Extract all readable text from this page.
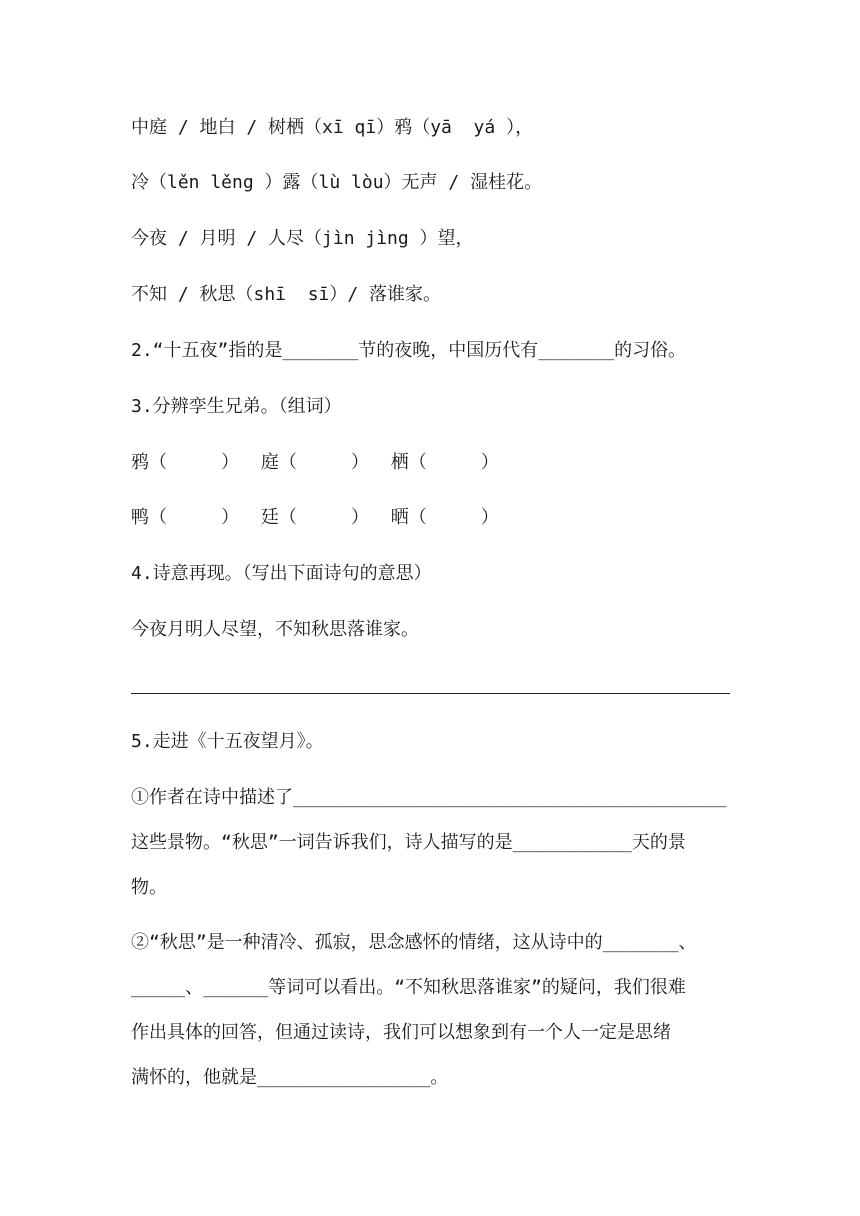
中庭 / 地白 / 树栖（xī qī）鸦（yā  yá ），
冷（lěn lěng ）露（lù lòu）无声 / 湿桂花。
今夜 / 月明 / 人尽（jìn jìng ）望，
不知 / 秋思（shī  sī）/ 落谁家。
2.“十五夜”指的是_______节的夜晚，中国历代有_______的习俗。
3.分辨孪生兄弟。（组词）
鸦（     ）  庭（     ）  栖（     ）
鸭（     ）  廷（     ）  晒（     ）
4.诗意再现。（写出下面诗句的意思）
今夜月明人尽望，不知秋思落谁家。
5.走进《十五夜望月》。
①作者在诗中描述了________________________________________
这些景物。“秋思”一词告诉我们，诗人描写的是___________天的景
物。
②“秋思”是一种清冷、孤寂，思念感怀的情绪，这从诗中的_______、
_____、______等词可以看出。“不知秋思落谁家”的疑问，我们很难
作出具体的回答，但通过读诗，我们可以想象到有一个人一定是思绪
满怀的，他就是________________。
